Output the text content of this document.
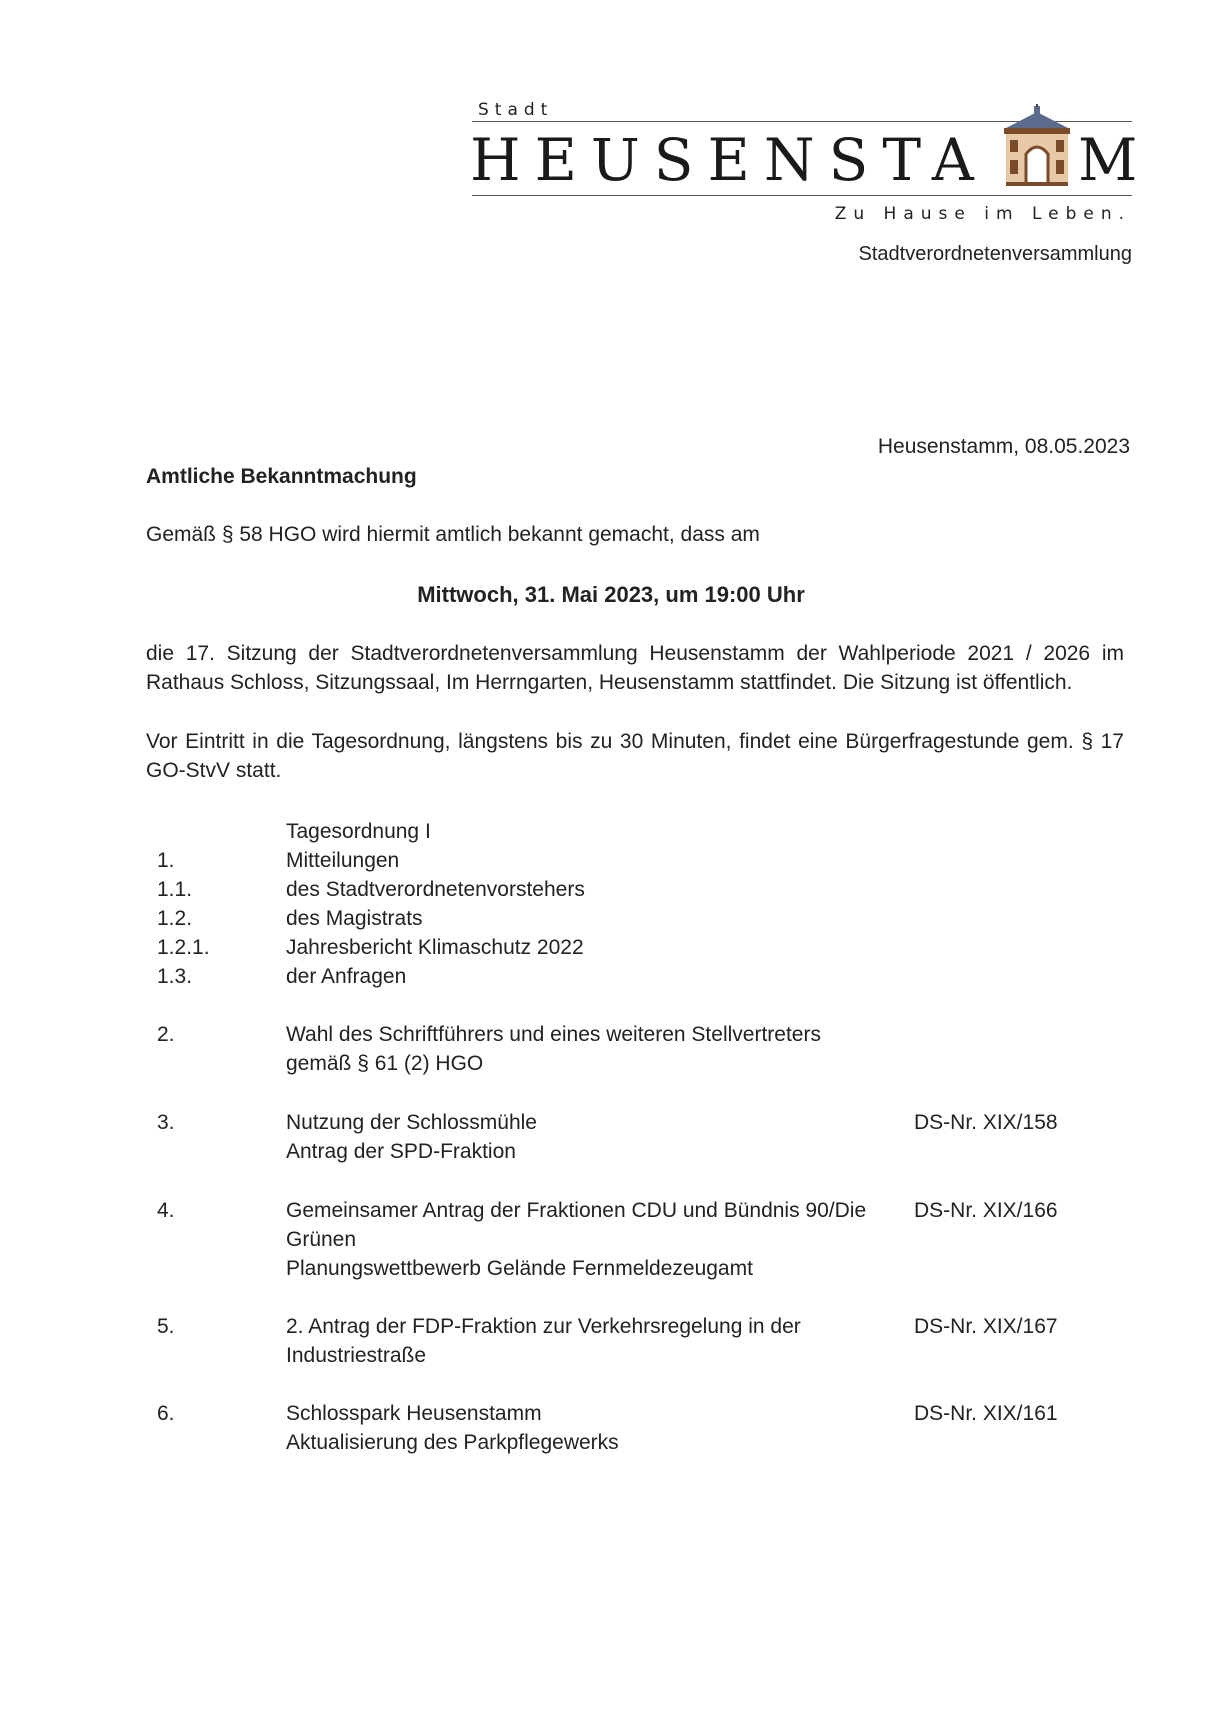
Stadt
HEUSENSTA M
Zu Hause im Leben.
Stadtverordnetenversammlung
Heusenstamm, 08.05.2023
Amtliche Bekanntmachung
Gemäß § 58 HGO wird hiermit amtlich bekannt gemacht, dass am
Mittwoch, 31. Mai 2023, um 19:00 Uhr
die 17. Sitzung der Stadtverordnetenversammlung Heusenstamm der Wahlperiode 2021 / 2026 im Rathaus Schloss, Sitzungssaal, Im Herrngarten, Heusenstamm stattfindet. Die Sitzung ist öffentlich.
Vor Eintritt in die Tagesordnung, längstens bis zu 30 Minuten, findet eine Bürgerfragestunde gem. § 17 GO-StvV statt.
Tagesordnung I
1.	Mitteilungen
1.1.	des Stadtverordnetenvorstehers
1.2.	des Magistrats
1.2.1.	Jahresbericht Klimaschutz 2022
1.3.	der Anfragen
2.	Wahl des Schriftführers und eines weiteren Stellvertreters
gemäß § 61 (2) HGO
3.	Nutzung der Schlossmühle
Antrag der SPD-Fraktion
DS-Nr. XIX/158
4.	Gemeinsamer Antrag der Fraktionen CDU und Bündnis 90/Die
Grünen
Planungswettbewerb Gelände Fernmeldezeugamt
DS-Nr. XIX/166
5.	2. Antrag der FDP-Fraktion zur Verkehrsregelung in der
Industriestraße
DS-Nr. XIX/167
6.	Schlosspark Heusenstamm
Aktualisierung des Parkpflegewerks
DS-Nr. XIX/161
